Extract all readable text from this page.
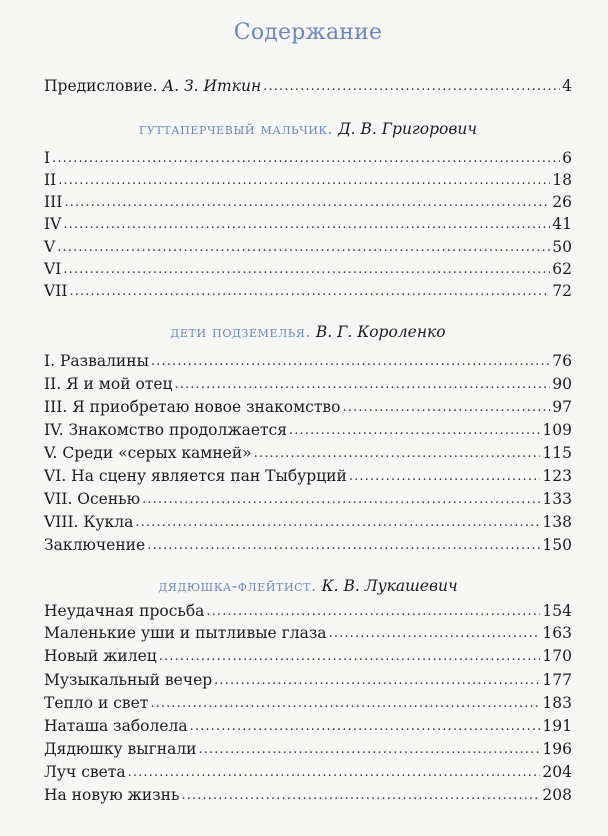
Содержание
Предисловие. А. З. Иткин . . .	4
гуттаперчевый мальчик. Д. В. Григорович
I . . .	6
II . . .	18
III . . .	26
IV . . .	41
V . . .	50
VI . . .	62
VII . . .	72
дети подземелья. В. Г. Короленко
I. Развалины . . .	76
II. Я и мой отец . . .	90
III. Я приобретаю новое знакомство . . .	97
IV. Знакомство продолжается . . .	109
V. Среди «серых камней» . . .	115
VI. На сцену является пан Тыбурций . . .	123
VII. Осенью . . .	133
VIII. Кукла . . .	138
Заключение . . .	150
дядюшка-флейтист. К. В. Лукашевич
Неудачная просьба . . .	154
Маленькие уши и пытливые глаза . . .	163
Новый жилец . . .	170
Музыкальный вечер . . .	177
Тепло и свет . . .	183
Наташа заболела . . .	191
Дядюшку выгнали . . .	196
Луч света . . .	204
На новую жизнь . . .	208
